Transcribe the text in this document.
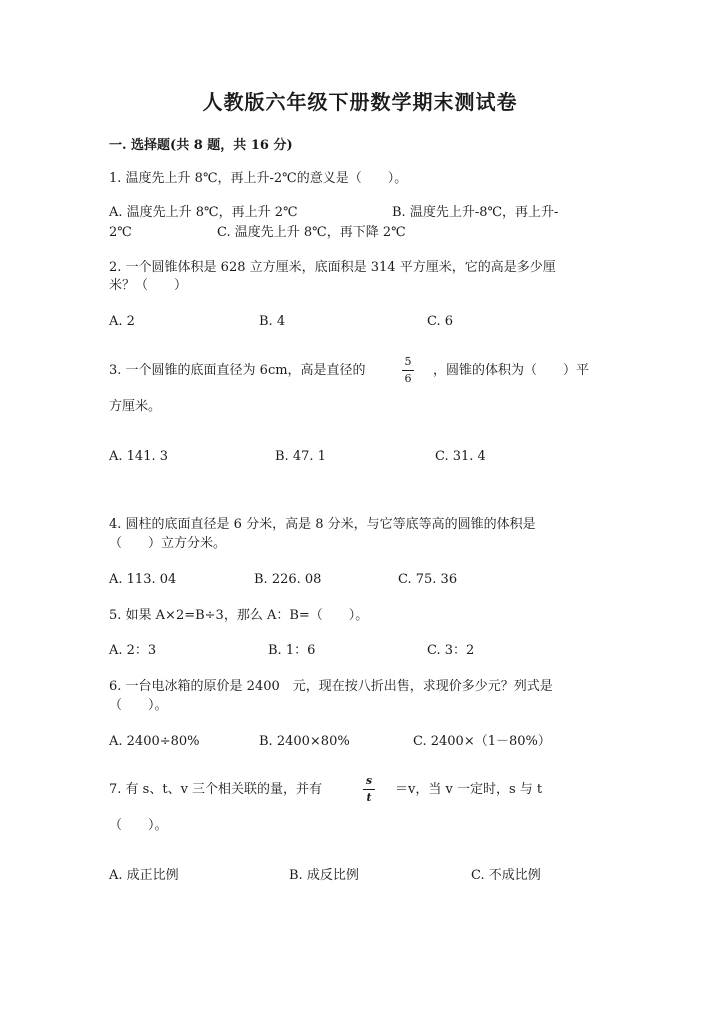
人教版六年级下册数学期末测试卷
一. 选择题(共 8 题，共 16 分)
1. 温度先上升 8℃，再上升-2℃的意义是（　　）。
A. 温度先上升 8℃，再上升 2℃	B. 温度先上升-8℃，再上升-
2℃	C. 温度先上升 8℃，再下降 2℃
2. 一个圆锥体积是 628 立方厘米，底面积是 314 平方厘米，它的高是多少厘
米？（　　）
A. 2	B. 4	C. 6
3. 一个圆锥的底面直径为 6cm，高是直径的
5
6
，圆锥的体积为（　　）平
方厘米。
A. 141. 3	B. 47. 1	C. 31. 4
4. 圆柱的底面直径是 6 分米，高是 8 分米，与它等底等高的圆锥的体积是
（　　）立方分米。
A. 113. 04	B. 226. 08	C. 75. 36
5. 如果 A×2=B÷3，那么 A：B=（　　）。
A. 2：3	B. 1：6	C. 3：2
6. 一台电冰箱的原价是 2400　元，现在按八折出售，求现价多少元？列式是
（　　）。
A. 2400÷80%	B. 2400×80%	C. 2400×（1－80%）
7. 有 s、t、v 三个相关联的量，并有
s
t
＝v，当 v 一定时，s 与 t
（　　）。
A. 成正比例	B. 成反比例	C. 不成比例
